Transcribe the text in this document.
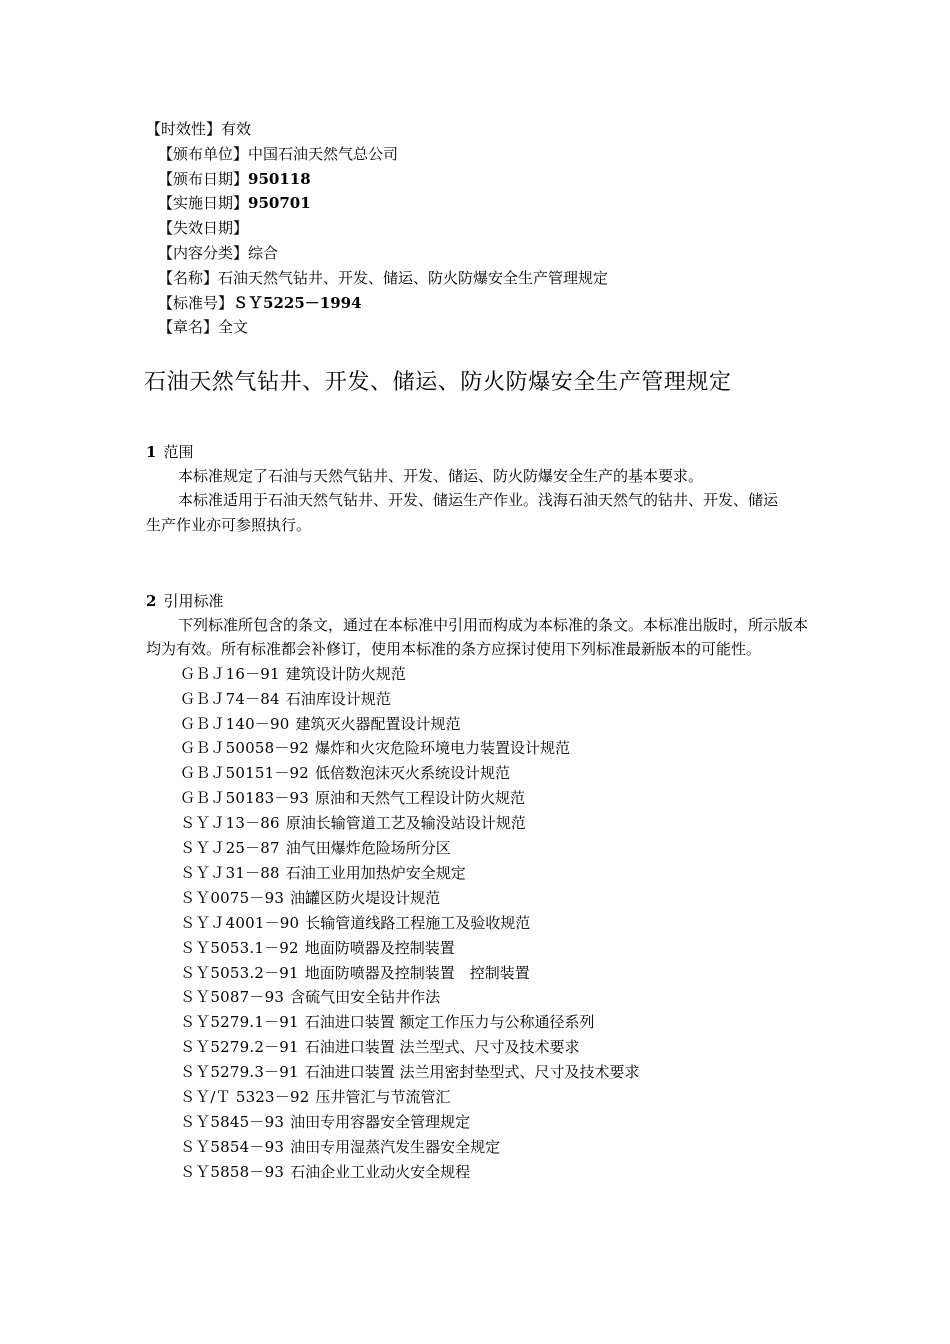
【时效性】有效
【颁布单位】中国石油天然气总公司
【颁布日期】950118
【实施日期】950701
【失效日期】
【内容分类】综合
【名称】石油天然气钻井、开发、储运、防火防爆安全生产管理规定
【标准号】ＳＹ5225－1994
【章名】全文
石油天然气钻井、开发、储运、防火防爆安全生产管理规定
1 范围

本标准规定了石油与天然气钻井、开发、储运、防火防爆安全生产的基本要求。

本标准适用于石油天然气钻井、开发、储运生产作业。浅海石油天然气的钻井、开发、储运

生产作业亦可参照执行。

2 引用标准

下列标准所包含的条文，通过在本标准中引用而构成为本标准的条文。本标准出版时，所示版本均为有效。所有标准都会补修订，使用本标准的条方应探讨使用下列标准最新版本的可能性。

ＧＢＪ16－91 建筑设计防火规范
ＧＢＪ74－84 石油库设计规范
ＧＢＪ140－90 建筑灭火器配置设计规范
ＧＢＪ50058－92 爆炸和火灾危险环境电力装置设计规范
ＧＢＪ50151－92 低倍数泡沫灭火系统设计规范
ＧＢＪ50183－93 原油和天然气工程设计防火规范
ＳＹＪ13－86 原油长输管道工艺及输没站设计规范
ＳＹＪ25－87 油气田爆炸危险场所分区
ＳＹＪ31－88 石油工业用加热炉安全规定
ＳＹ0075－93 油罐区防火堤设计规范
ＳＹＪ4001－90 长输管道线路工程施工及验收规范
ＳＹ5053.1－92 地面防喷器及控制装置
ＳＹ5053.2－91 地面防喷器及控制装置　控制装置
ＳＹ5087－93 含硫气田安全钻井作法
ＳＹ5279.1－91 石油进口装置 额定工作压力与公称通径系列
ＳＹ5279.2－91 石油进口装置 法兰型式、尺寸及技术要求
ＳＹ5279.3－91 石油进口装置 法兰用密封垫型式、尺寸及技术要求
ＳＹ/Ｔ 5323－92 压井管汇与节流管汇
ＳＹ5845－93 油田专用容器安全管理规定
ＳＹ5854－93 油田专用湿蒸汽发生器安全规定
ＳＹ5858－93 石油企业工业动火安全规程
